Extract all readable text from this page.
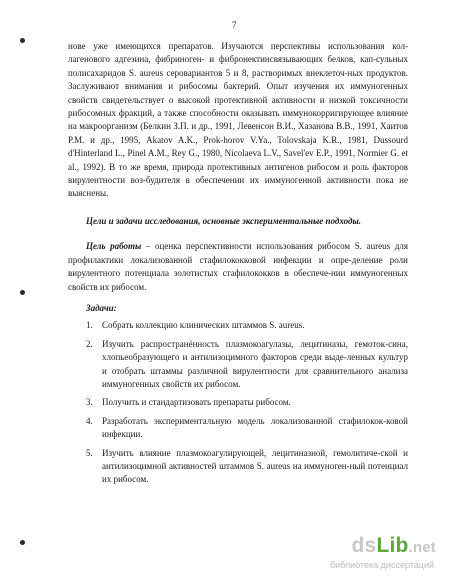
7

нове уже имеющихся препаратов. Изучаются перспективы использования кол-лагенового адгезина, фибриноген- и фибронектинсвязывающих белков, кап-сульных полисахаридов S. aureus серовариантов 5 и 8, растворимых внеклеточ-ных продуктов. Заслуживают внимания и рибосомы бактерий. Опыт изучения их иммуногенных свойств свидетельствует о высокой протективной активности и низкой токсичности рибосомных фракций, а также способности оказывать иммунокорригирующее влияние на макроорганизм (Белкин З.П. и др., 1991, Левенсон В.И., Хазанова В.В., 1991, Хаитов Р.М. и др., 1995, Akatov A.K., Prok-horov V.Ya., Tolovskaja K.R., 1981, Dussourd d'Hinterland L., Pinel A.M., Rey G., 1980, Nicolaeva L.V., Savel'ev E.P., 1991, Normier G. et al., 1992). В то же время, природа протективных антигенов рибосом и роль факторов вирулентности воз-будителя в обеспечении их иммуногенной активности пока не выяснены.

Цели и задачи исследования, основные экспериментальные подходы.

Цель работы – оценка перспективности использования рибосом S. aureus для профилактики локализованной стафилококковой инфекции и опре-деление роли вирулентного потенциала золотистых стафилококков в обеспече-нии иммуногенных свойств их рибосом.

Задачи:

1.	Собрать коллекцию клинических штаммов S. aureus.
2.	Изучить распространённость плазмокоагулазы, лецитиназы, гемоток-сина, хлопьеобразующего и антилизоцимного факторов среди выде-ленных культур и отобрать штаммы различной вирулентности для сравнительного анализа иммуногенных свойств их рибосом.
3.	Получить и стандартизовать препараты рибосом.
4.	Разработать экспериментальную модель локализованной стафилокок-ковой инфекции.
5.	Изучить влияние плазмокоагулирующей, лецитиназной, гемолитиче-ской и антилизоцимной активностей штаммов S. aureus на иммуноген-ный потенциал их рибосом.
dsLib.net
библиотека диссертаций
